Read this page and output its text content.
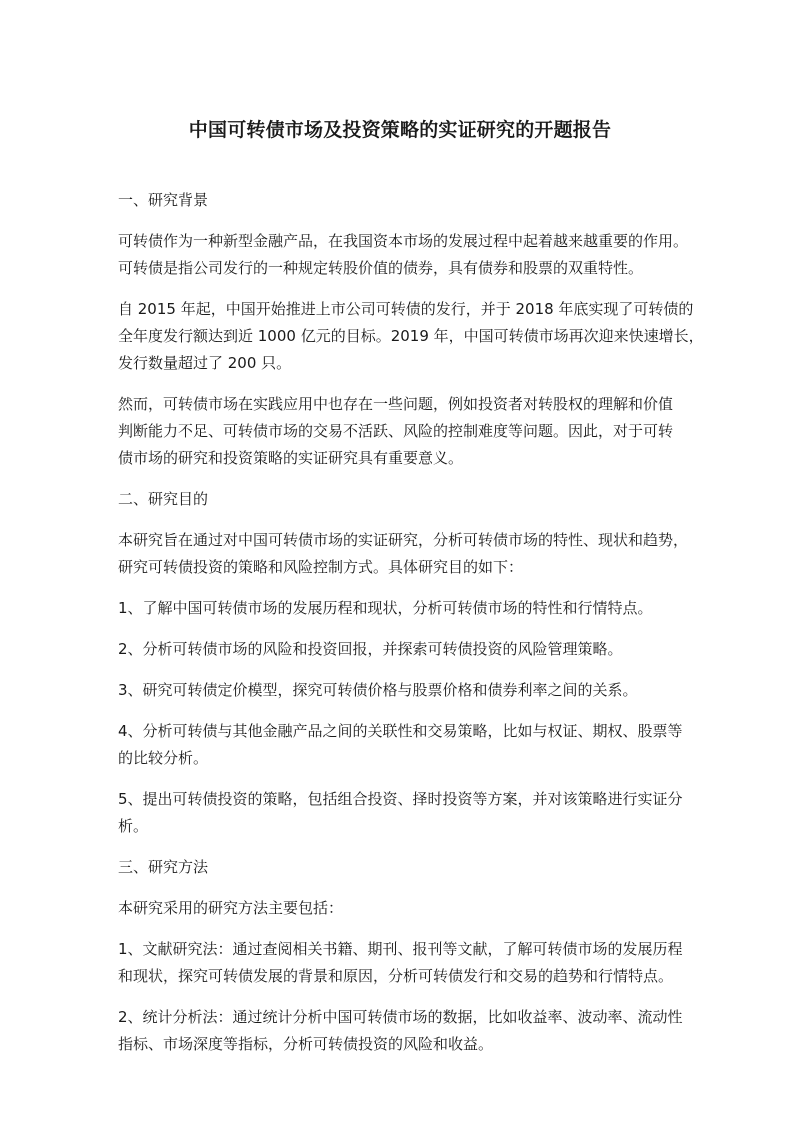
中国可转债市场及投资策略的实证研究的开题报告

一、研究背景

可转债作为一种新型金融产品，在我国资本市场的发展过程中起着越来越重要的作用。
可转债是指公司发行的一种规定转股价值的债券，具有债券和股票的双重特性。

自 2015 年起，中国开始推进上市公司可转债的发行，并于 2018 年底实现了可转债的
全年度发行额达到近 1000 亿元的目标。2019 年，中国可转债市场再次迎来快速增长，
发行数量超过了 200 只。

然而，可转债市场在实践应用中也存在一些问题，例如投资者对转股权的理解和价值
判断能力不足、可转债市场的交易不活跃、风险的控制难度等问题。因此，对于可转
债市场的研究和投资策略的实证研究具有重要意义。

二、研究目的

本研究旨在通过对中国可转债市场的实证研究，分析可转债市场的特性、现状和趋势，
研究可转债投资的策略和风险控制方式。具体研究目的如下：

1、了解中国可转债市场的发展历程和现状，分析可转债市场的特性和行情特点。

2、分析可转债市场的风险和投资回报，并探索可转债投资的风险管理策略。

3、研究可转债定价模型，探究可转债价格与股票价格和债券利率之间的关系。

4、分析可转债与其他金融产品之间的关联性和交易策略，比如与权证、期权、股票等
的比较分析。

5、提出可转债投资的策略，包括组合投资、择时投资等方案，并对该策略进行实证分
析。

三、研究方法

本研究采用的研究方法主要包括：

1、文献研究法：通过查阅相关书籍、期刊、报刊等文献，了解可转债市场的发展历程
和现状，探究可转债发展的背景和原因，分析可转债发行和交易的趋势和行情特点。

2、统计分析法：通过统计分析中国可转债市场的数据，比如收益率、波动率、流动性
指标、市场深度等指标，分析可转债投资的风险和收益。
